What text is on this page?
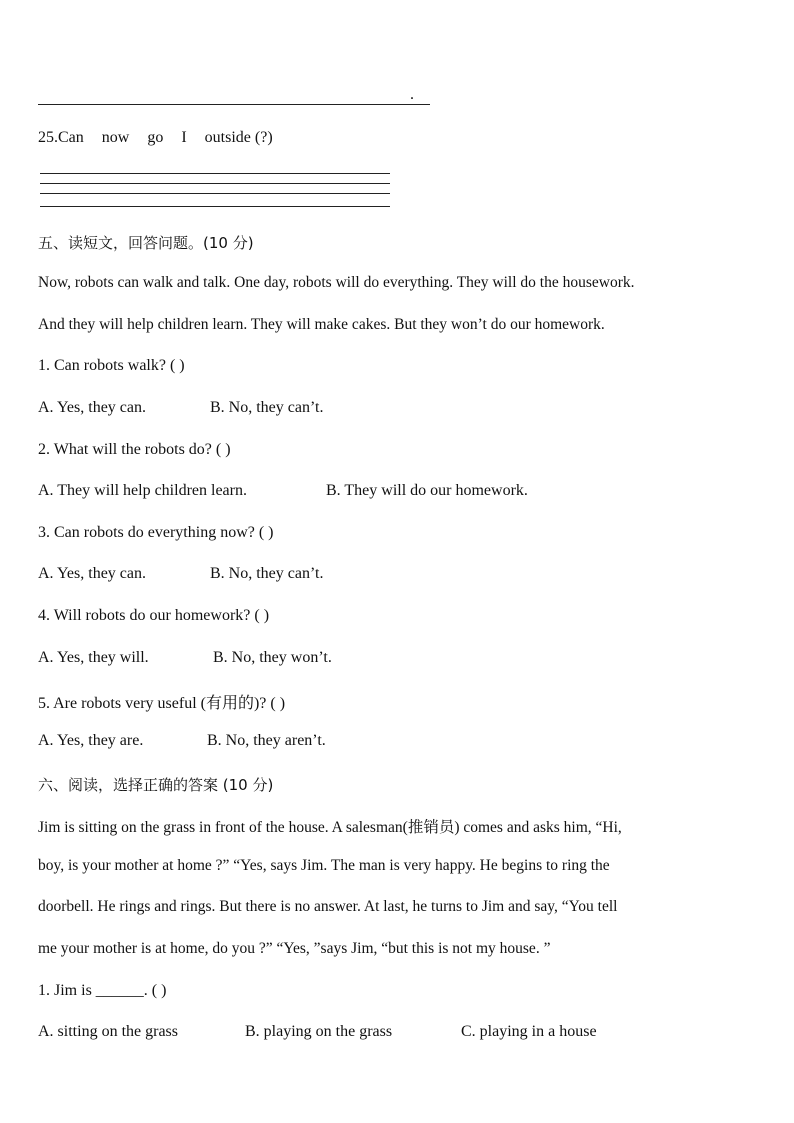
.
25.Can now go I outside (?)
五、读短文，回答问题。(10 分)
Now, robots can walk and talk. One day, robots will do everything. They will do the housework.
And they will help children learn. They will make cakes. But they won’t do our homework.
1. Can robots walk? ( )
A. Yes, they can.	B. No, they can’t.
2. What will the robots do? ( )
A. They will help children learn.	B. They will do our homework.
3. Can robots do everything now? ( )
A. Yes, they can.	B. No, they can’t.
4. Will robots do our homework? ( )
A. Yes, they will.	B. No, they won’t.
5. Are robots very useful (有用的)? ( )
A. Yes, they are.	B. No, they aren’t.
六、阅读，选择正确的答案 (10 分)
Jim is sitting on the grass in front of the house. A salesman(推销员) comes and asks him, “Hi,
boy, is your mother at home ?” “Yes, says Jim. The man is very happy. He begins to ring the
doorbell. He rings and rings. But there is no answer. At last, he turns to Jim and say, “You tell
me your mother is at home, do you ?” “Yes, ”says Jim, “but this is not my house. ”
1. Jim is ______. ( )
A. sitting on the grass	B. playing on the grass	C. playing in a house
